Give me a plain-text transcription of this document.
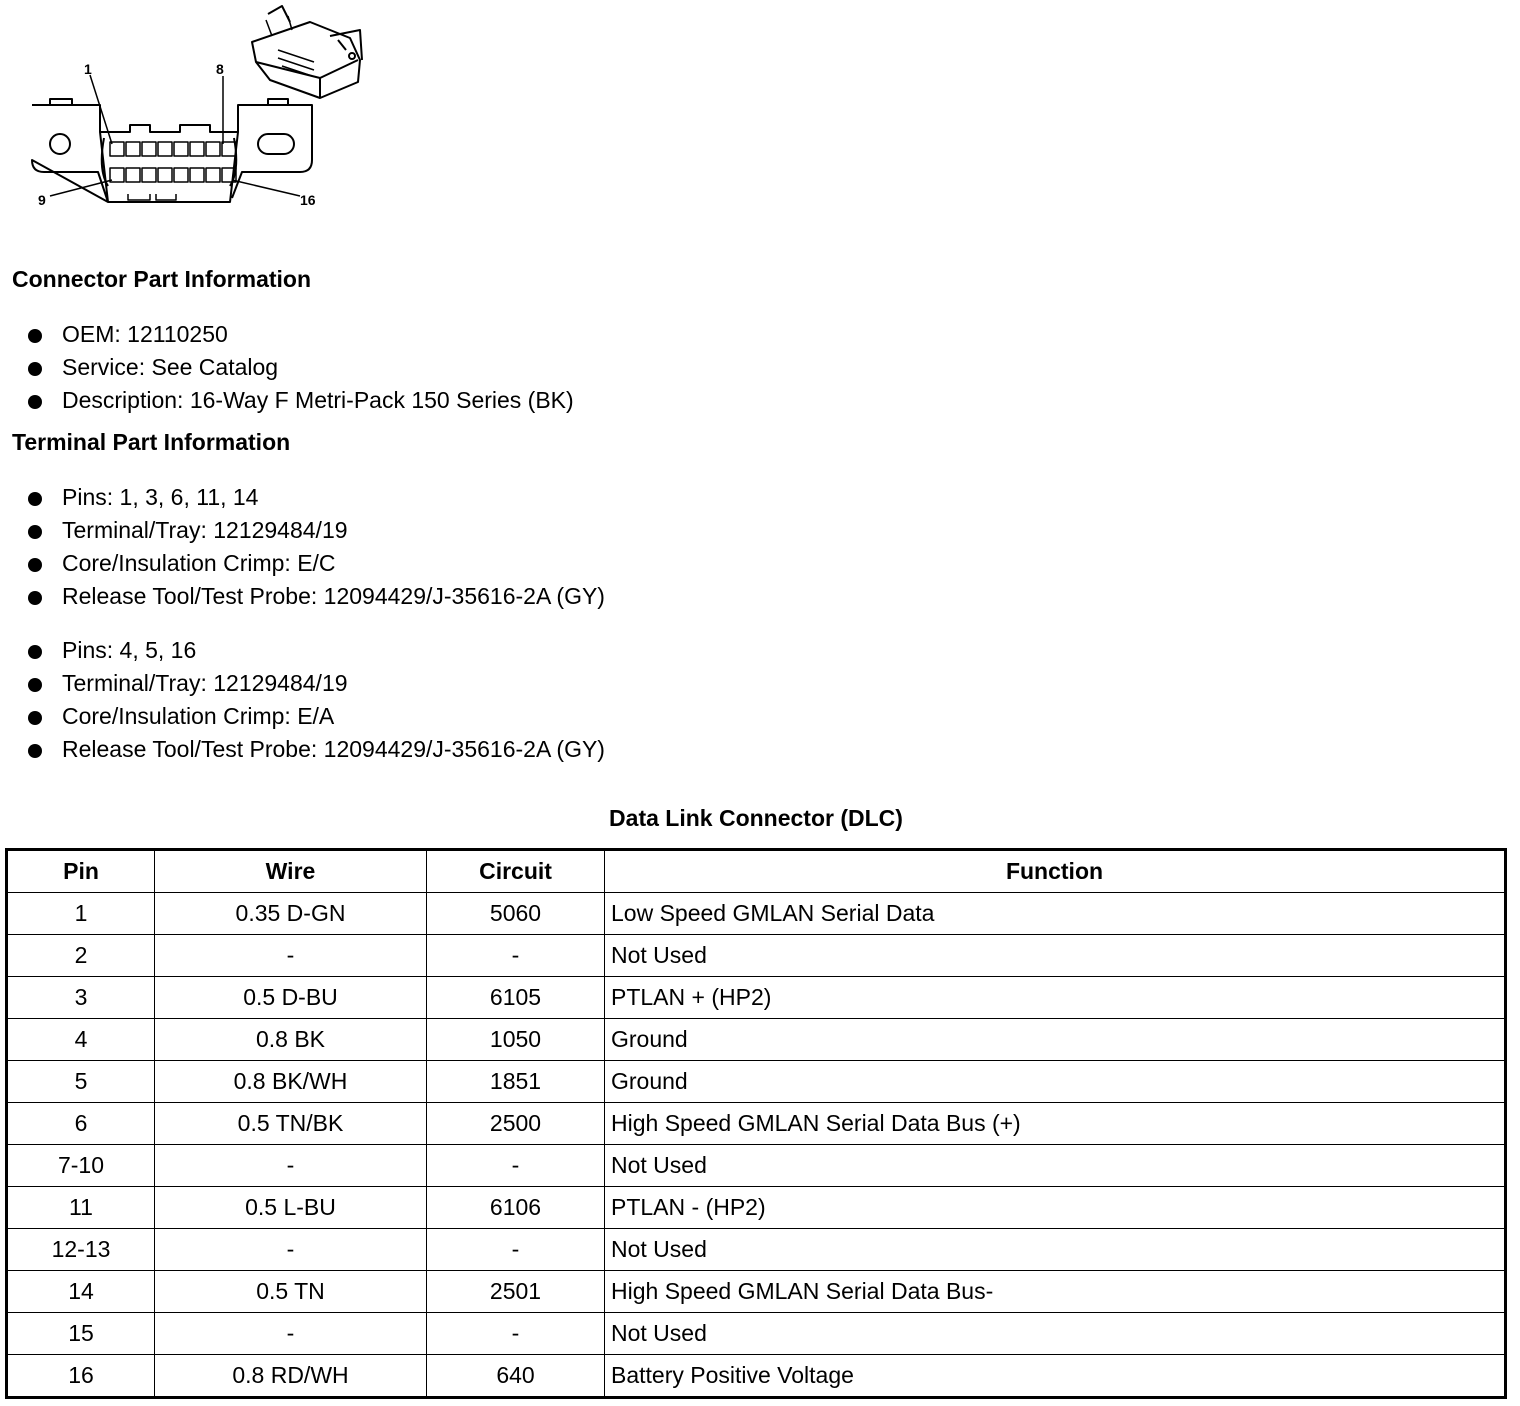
1	8
9	16
Connector Part Information
OEM: 12110250
Service: See Catalog
Description: 16-Way F Metri-Pack 150 Series (BK)
Terminal Part Information
Pins: 1, 3, 6, 11, 14
Terminal/Tray: 12129484/19
Core/Insulation Crimp: E/C
Release Tool/Test Probe: 12094429/J-35616-2A (GY)
Pins: 4, 5, 16
Terminal/Tray: 12129484/19
Core/Insulation Crimp: E/A
Release Tool/Test Probe: 12094429/J-35616-2A (GY)
Data Link Connector (DLC)
Pin	Wire	Circuit	Function
1	0.35 D-GN	5060	Low Speed GMLAN Serial Data
2	-	-	Not Used
3	0.5 D-BU	6105	PTLAN + (HP2)
4	0.8 BK	1050	Ground
5	0.8 BK/WH	1851	Ground
6	0.5 TN/BK	2500	High Speed GMLAN Serial Data Bus (+)
7-10	-	-	Not Used
11	0.5 L-BU	6106	PTLAN - (HP2)
12-13	-	-	Not Used
14	0.5 TN	2501	High Speed GMLAN Serial Data Bus-
15	-	-	Not Used
16	0.8 RD/WH	640	Battery Positive Voltage
